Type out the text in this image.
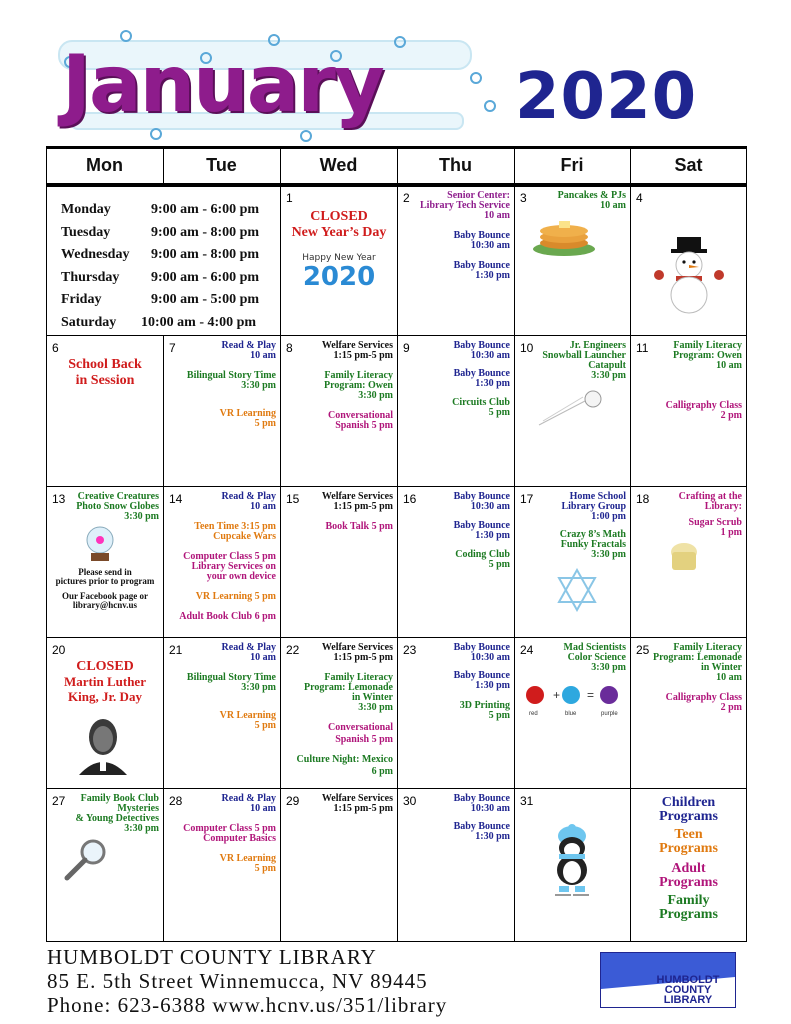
January 2020
Mon	Tue	Wed	Thu	Fri	Sat
Monday	9:00 am - 6:00 pm
Tuesday	9:00 am - 8:00 pm
Wednesday	9:00 am - 8:00 pm
Thursday	9:00 am - 6:00 pm
Friday	9:00 am - 5:00 pm
Saturday	10:00 am - 4:00 pm
1
CLOSED
New Year’s Day
Happy New Year
2020
2	Senior Center:
Library Tech Service
10 am
Baby Bounce
10:30 am
Baby Bounce
1:30 pm
3	Pancakes & PJs
10 am
4
6
School Back
in Session
7	Read & Play
10 am
Bilingual Story Time
3:30 pm
VR Learning
5 pm
8	Welfare Services
1:15 pm-5 pm
Family Literacy
Program: Owen
3:30 pm
Conversational
Spanish 5 pm
9	Baby Bounce
10:30 am
Baby Bounce
1:30 pm
Circuits Club
5 pm
10	Jr. Engineers
Snowball Launcher
Catapult
3:30 pm
11 Family Literacy
Program: Owen
10 am
Calligraphy Class
2 pm
13 Creative Creatures
Photo Snow Globes
3:30 pm
Please send in
pictures prior to program
Our Facebook page or
library@hcnv.us
14	Read & Play
10 am
Teen Time 3:15 pm
Cupcake Wars
Computer Class 5 pm
Library Services on
your own device
VR Learning 5 pm
Adult Book Club 6 pm
15 Welfare Services
1:15 pm-5 pm
Book Talk 5 pm
16	Baby Bounce
10:30 am
Baby Bounce
1:30 pm
Coding Club
5 pm
17	Home School
Library Group
1:00 pm
Crazy 8’s Math
Funky Fractals
3:30 pm
18	Crafting at the
Library:
Sugar Scrub
1 pm
20
CLOSED
Martin Luther
King, Jr. Day
21	Read & Play
10 am
Bilingual Story Time
3:30 pm
VR Learning
5 pm
22 Welfare Services
1:15 pm-5 pm
Family Literacy
Program: Lemonade
in Winter
3:30 pm
Conversational
Spanish 5 pm
Culture Night: Mexico
6 pm
23	Baby Bounce
10:30 am
Baby Bounce
1:30 pm
3D Printing
5 pm
24	Mad Scientists
Color Science
3:30 pm
+ =
red	blue	purple
25 Family Literacy
Program: Lemonade
in Winter
10 am
Calligraphy Class
2 pm
27 Family Book Club
Mysteries
& Young Detectives
3:30 pm
28	Read & Play
10 am
Computer Class 5 pm
Computer Basics
VR Learning
5 pm
29 Welfare Services
1:15 pm-5 pm
30	Baby Bounce
10:30 am
Baby Bounce
1:30 pm
31	Children
Programs
Teen
Programs
Adult
Programs
Family
Programs
HUMBOLDT COUNTY LIBRARY
85 E. 5th Street Winnemucca, NV 89445
Phone: 623-6388 www.hcnv.us/351/library
HUMBOLDT
COUNTY
LIBRARY
